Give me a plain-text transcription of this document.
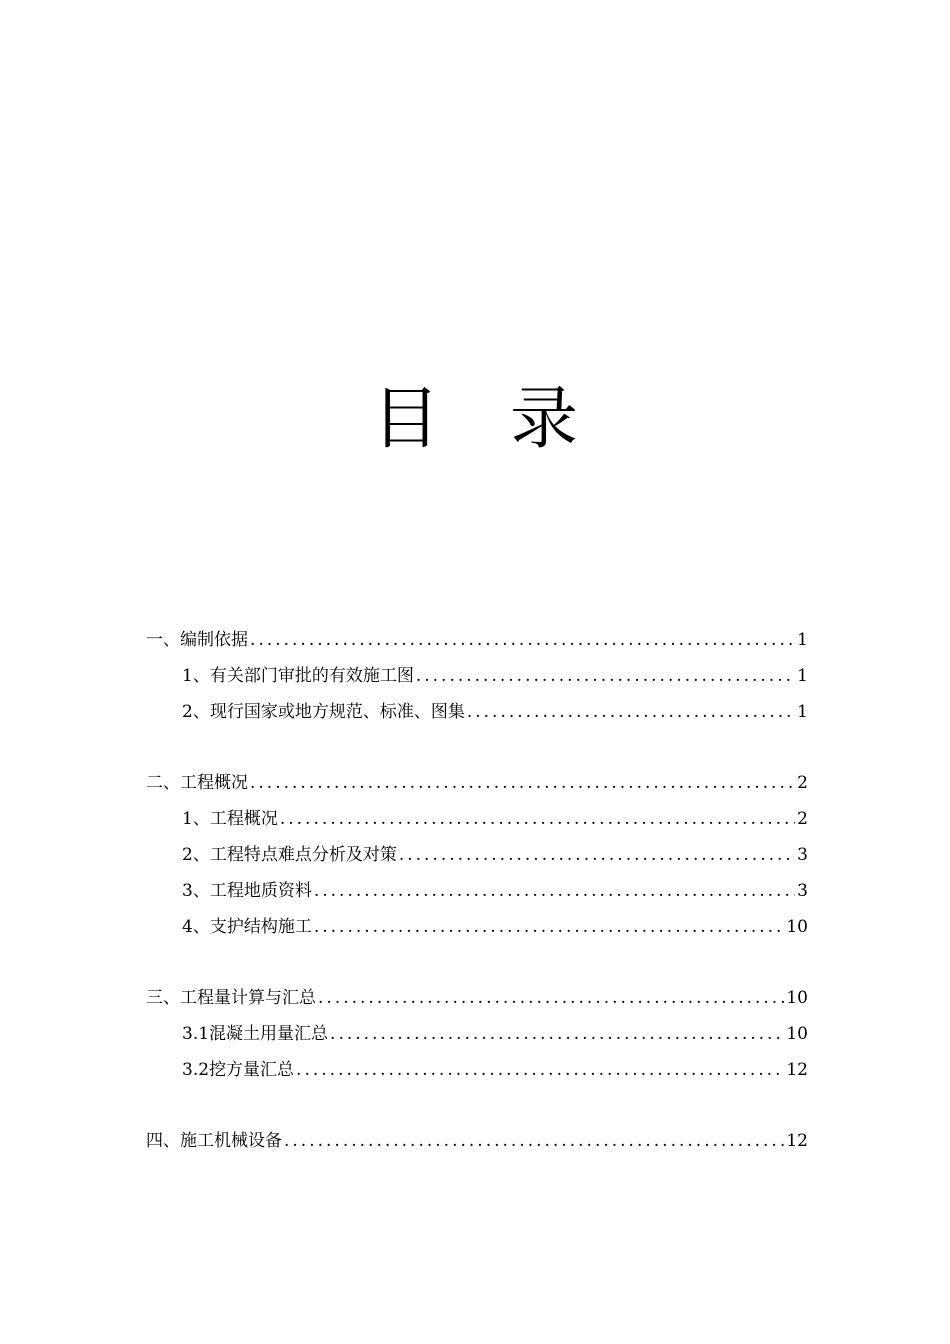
目 录
一、编制依据 .....	1
1、有关部门审批的有效施工图 .....	1
2、现行国家或地方规范、标准、图集 .....	1
二、工程概况 .....	2
1、工程概况 .....	2
2、工程特点难点分析及对策 .....	3
3、工程地质资料 .....	3
4、支护结构施工 .....	10
三、工程量计算与汇总 .....	10
3.1混凝土用量汇总 .....	10
3.2挖方量汇总 .....	12
四、施工机械设备 .....	12
